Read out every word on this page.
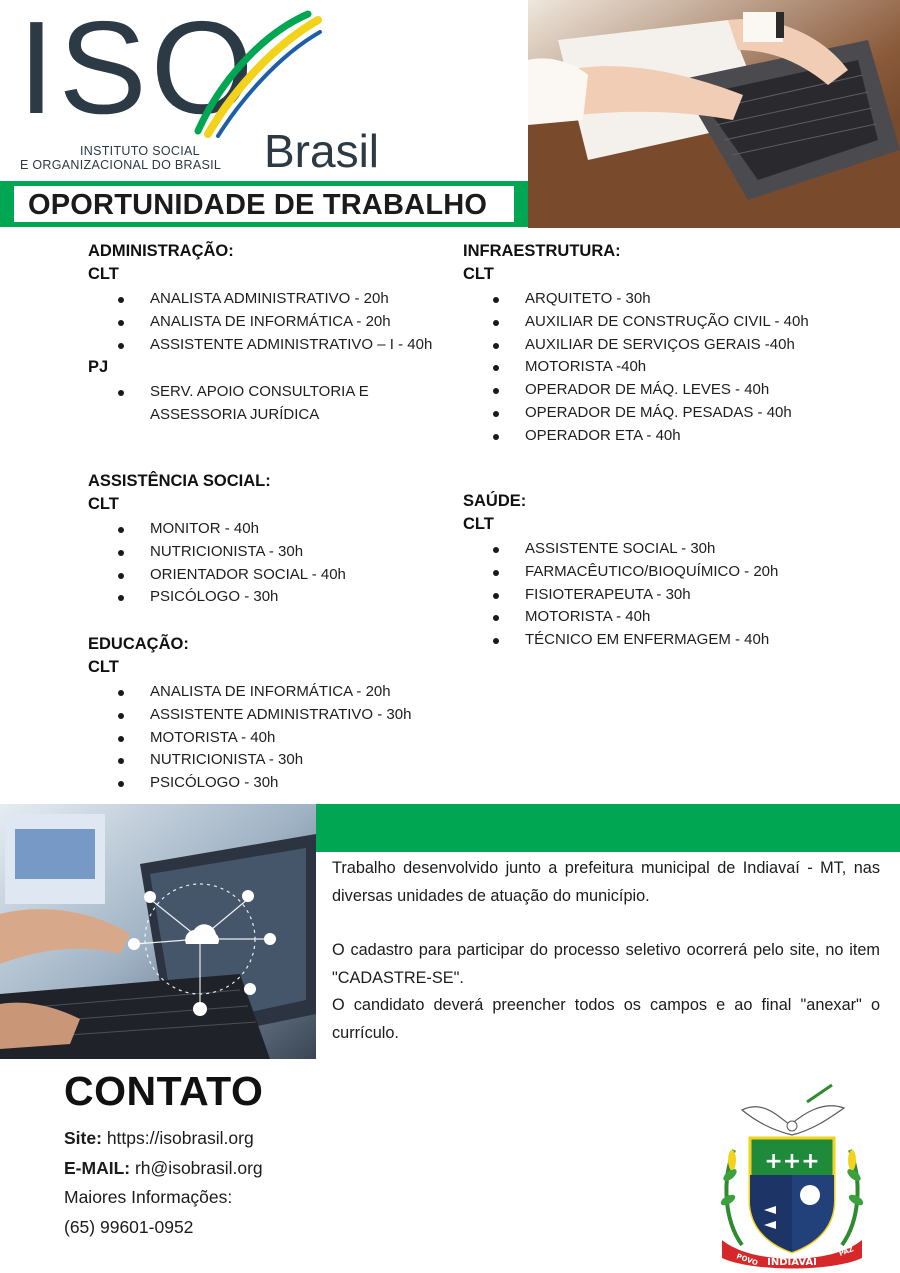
ISO
INSTITUTO SOCIAL
E ORGANIZACIONAL DO BRASIL Brasil
OPORTUNIDADE DE TRABALHO
ADMINISTRAÇÃO:
CLT
ANALISTA ADMINISTRATIVO - 20h
ANALISTA DE INFORMÁTICA - 20h
ASSISTENTE ADMINISTRATIVO – I - 40h
PJ
SERV. APOIO CONSULTORIA E ASSESSORIA JURÍDICA
INFRAESTRUTURA:
CLT
ARQUITETO - 30h
AUXILIAR DE CONSTRUÇÃO CIVIL - 40h
AUXILIAR DE SERVIÇOS GERAIS -40h
MOTORISTA -40h
OPERADOR DE MÁQ. LEVES - 40h
OPERADOR DE MÁQ. PESADAS - 40h
OPERADOR ETA - 40h
ASSISTÊNCIA SOCIAL:
CLT
MONITOR - 40h
NUTRICIONISTA - 30h
ORIENTADOR SOCIAL - 40h
PSICÓLOGO - 30h
SAÚDE:
CLT
ASSISTENTE SOCIAL - 30h
FARMACÊUTICO/BIOQUÍMICO - 20h
FISIOTERAPEUTA - 30h
MOTORISTA - 40h
TÉCNICO EM ENFERMAGEM - 40h
EDUCAÇÃO:
CLT
ANALISTA DE INFORMÁTICA - 20h
ASSISTENTE ADMINISTRATIVO - 30h
MOTORISTA - 40h
NUTRICIONISTA - 30h
PSICÓLOGO - 30h

Trabalho desenvolvido junto a prefeitura municipal de Indiavaí - MT, nas diversas unidades de atuação do município.

O cadastro para participar do processo seletivo ocorrerá pelo site, no item "CADASTRE-SE".

O candidato deverá preencher todos os campos e ao final "anexar" o currículo.

CONTATO
Site: https://isobrasil.org
E-MAIL: rh@isobrasil.org
Maiores Informações:
(65) 99601-0952
+++
POVO INDIAVAÍ
PAZ
